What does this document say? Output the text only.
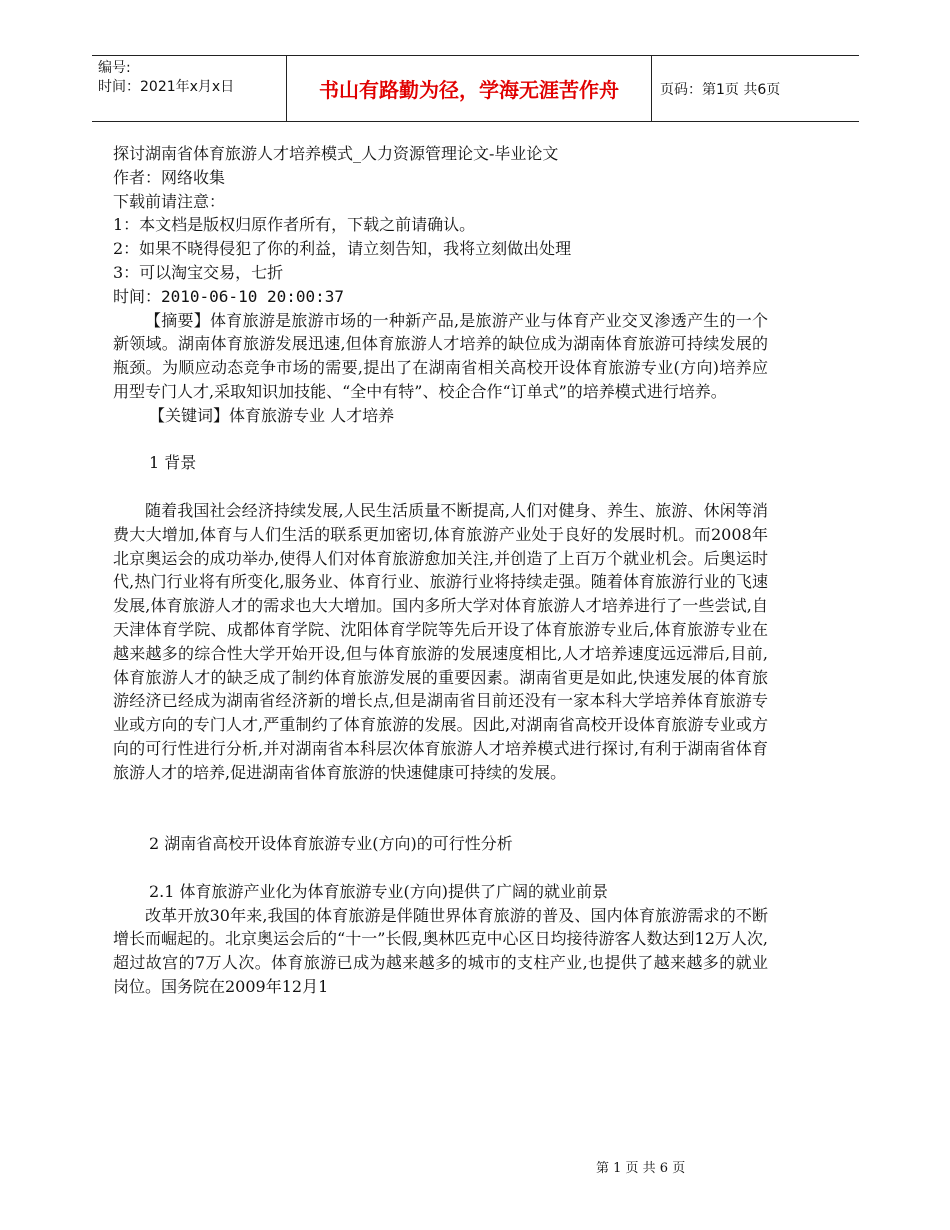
编号:
时间：2021年x月x日	书山有路勤为径，学海无涯苦作舟	页码：第1页 共6页
探讨湖南省体育旅游人才培养模式_人力资源管理论文-毕业论文
作者：网络收集
下载前请注意：
1：本文档是版权归原作者所有，下载之前请确认。
2：如果不晓得侵犯了你的利益，请立刻告知，我将立刻做出处理
3：可以淘宝交易，七折
时间：2010-06-10 20:00:37

【摘要】体育旅游是旅游市场的一种新产品,是旅游产业与体育产业交叉渗透产生的一个新领域。湖南体育旅游发展迅速,但体育旅游人才培养的缺位成为湖南体育旅游可持续发展的瓶颈。为顺应动态竞争市场的需要,提出了在湖南省相关高校开设体育旅游专业(方向)培养应用型专门人才,采取知识加技能、“全中有特”、校企合作“订单式”的培养模式进行培养。

【关键词】体育旅游专业 人才培养
1 背景

随着我国社会经济持续发展,人民生活质量不断提高,人们对健身、养生、旅游、休闲等消费大大增加,体育与人们生活的联系更加密切,体育旅游产业处于良好的发展时机。而2008年北京奥运会的成功举办,使得人们对体育旅游愈加关注,并创造了上百万个就业机会。后奥运时代,热门行业将有所变化,服务业、体育行业、旅游行业将持续走强。随着体育旅游行业的飞速发展,体育旅游人才的需求也大大增加。国内多所大学对体育旅游人才培养进行了一些尝试,自天津体育学院、成都体育学院、沈阳体育学院等先后开设了体育旅游专业后,体育旅游专业在越来越多的综合性大学开始开设,但与体育旅游的发展速度相比,人才培养速度远远滞后,目前,体育旅游人才的缺乏成了制约体育旅游发展的重要因素。湖南省更是如此,快速发展的体育旅游经济已经成为湖南省经济新的增长点,但是湖南省目前还没有一家本科大学培养体育旅游专业或方向的专门人才,严重制约了体育旅游的发展。因此,对湖南省高校开设体育旅游专业或方向的可行性进行分析,并对湖南省本科层次体育旅游人才培养模式进行探讨,有利于湖南省体育旅游人才的培养,促进湖南省体育旅游的快速健康可持续的发展。

2 湖南省高校开设体育旅游专业(方向)的可行性分析
2.1 体育旅游产业化为体育旅游专业(方向)提供了广阔的就业前景

改革开放30年来,我国的体育旅游是伴随世界体育旅游的普及、国内体育旅游需求的不断增长而崛起的。北京奥运会后的“十一”长假,奥林匹克中心区日均接待游客人数达到12万人次,超过故宫的7万人次。体育旅游已成为越来越多的城市的支柱产业,也提供了越来越多的就业岗位。国务院在2009年12月1

第 1 页 共 6 页
